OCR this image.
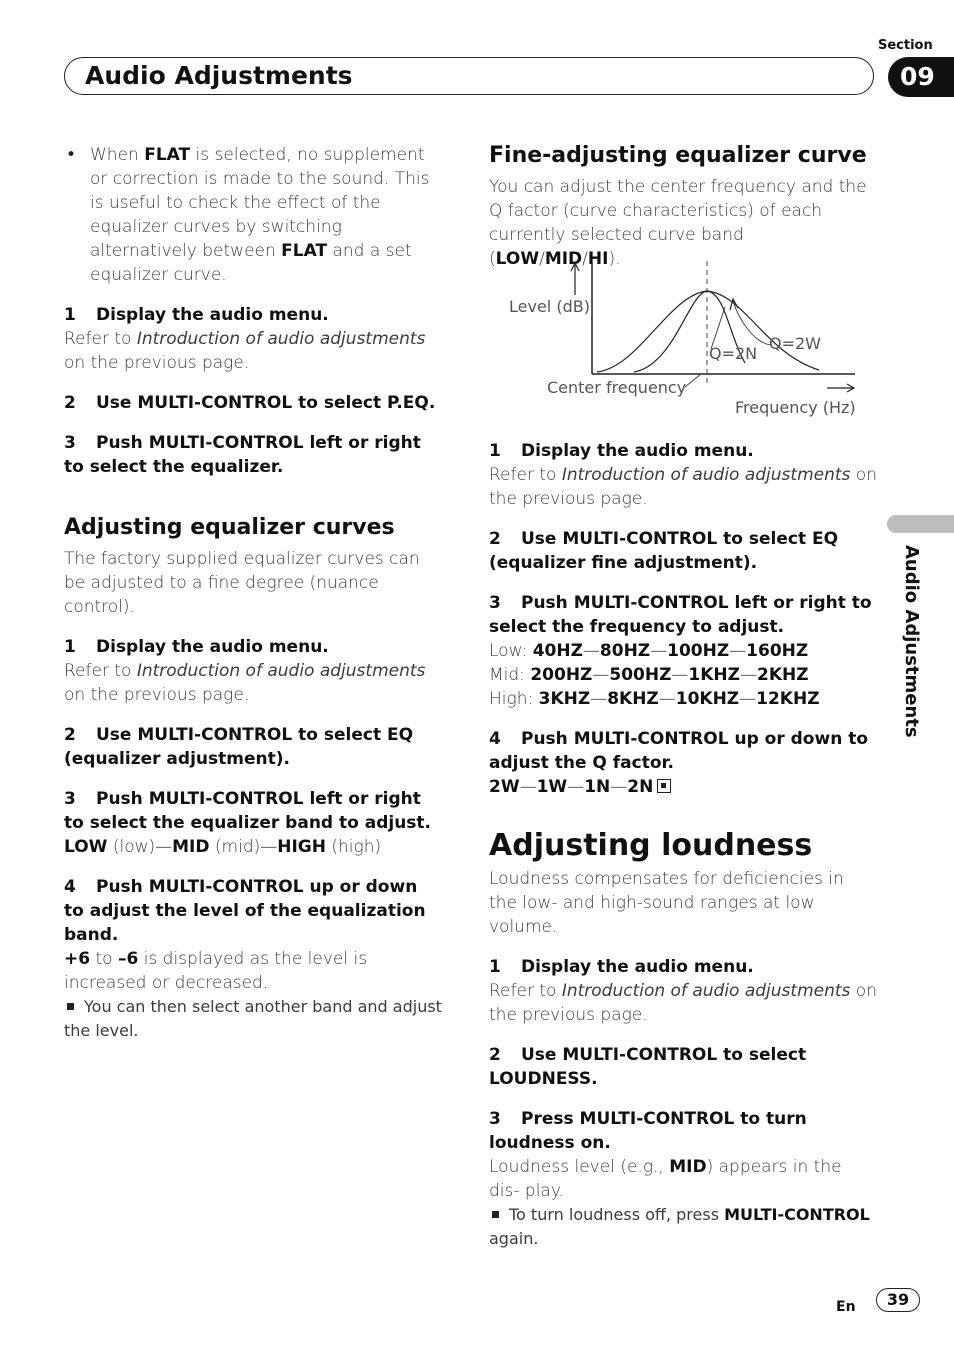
Section
Audio Adjustments	09
Audio Adjustments
• When FLAT is selected, no supplement or correction is made to the sound. This is useful to check the effect of the equalizer curves by switching alternatively between FLAT and a set equalizer curve.

1 Display the audio menu.

Refer to Introduction of audio adjustments on the previous page.

2 Use MULTI-CONTROL to select P.EQ.

3 Push MULTI-CONTROL left or right to select the equalizer.

Adjusting equalizer curves

The factory supplied equalizer curves can be adjusted to a fine degree (nuance control).

1 Display the audio menu.

Refer to Introduction of audio adjustments on the previous page.

2 Use MULTI-CONTROL to select EQ (equalizer adjustment).

3 Push MULTI-CONTROL left or right to select the equalizer band to adjust.

LOW (low)—MID (mid)—HIGH (high)

4 Push MULTI-CONTROL up or down to adjust the level of the equalization band.

+6 to –6 is displayed as the level is increased or decreased.

You can then select another band and adjust the level.

Fine-adjusting equalizer curve

You can adjust the center frequency and the Q factor (curve characteristics) of each currently selected curve band (LOW/MID/HI).

Level (dB)
Q=2N
Q=2W
Center frequency
Frequency (Hz)

1 Display the audio menu.

Refer to Introduction of audio adjustments on the previous page.

2 Use MULTI-CONTROL to select EQ (equalizer fine adjustment).

3 Push MULTI-CONTROL left or right to select the frequency to adjust.

Low: 40HZ—80HZ—100HZ—160HZ

Mid: 200HZ—500HZ—1KHZ—2KHZ

High: 3KHZ—8KHZ—10KHZ—12KHZ

4 Push MULTI-CONTROL up or down to adjust the Q factor.

2W—1W—1N—2N

Adjusting loudness

Loudness compensates for deficiencies in the low- and high-sound ranges at low volume.

1 Display the audio menu.

Refer to Introduction of audio adjustments on the previous page.

2 Use MULTI-CONTROL to select LOUDNESS.

3 Press MULTI-CONTROL to turn loudness on.

Loudness level (e.g., MID) appears in the dis- play.

To turn loudness off, press MULTI-CONTROL again.

En	39
